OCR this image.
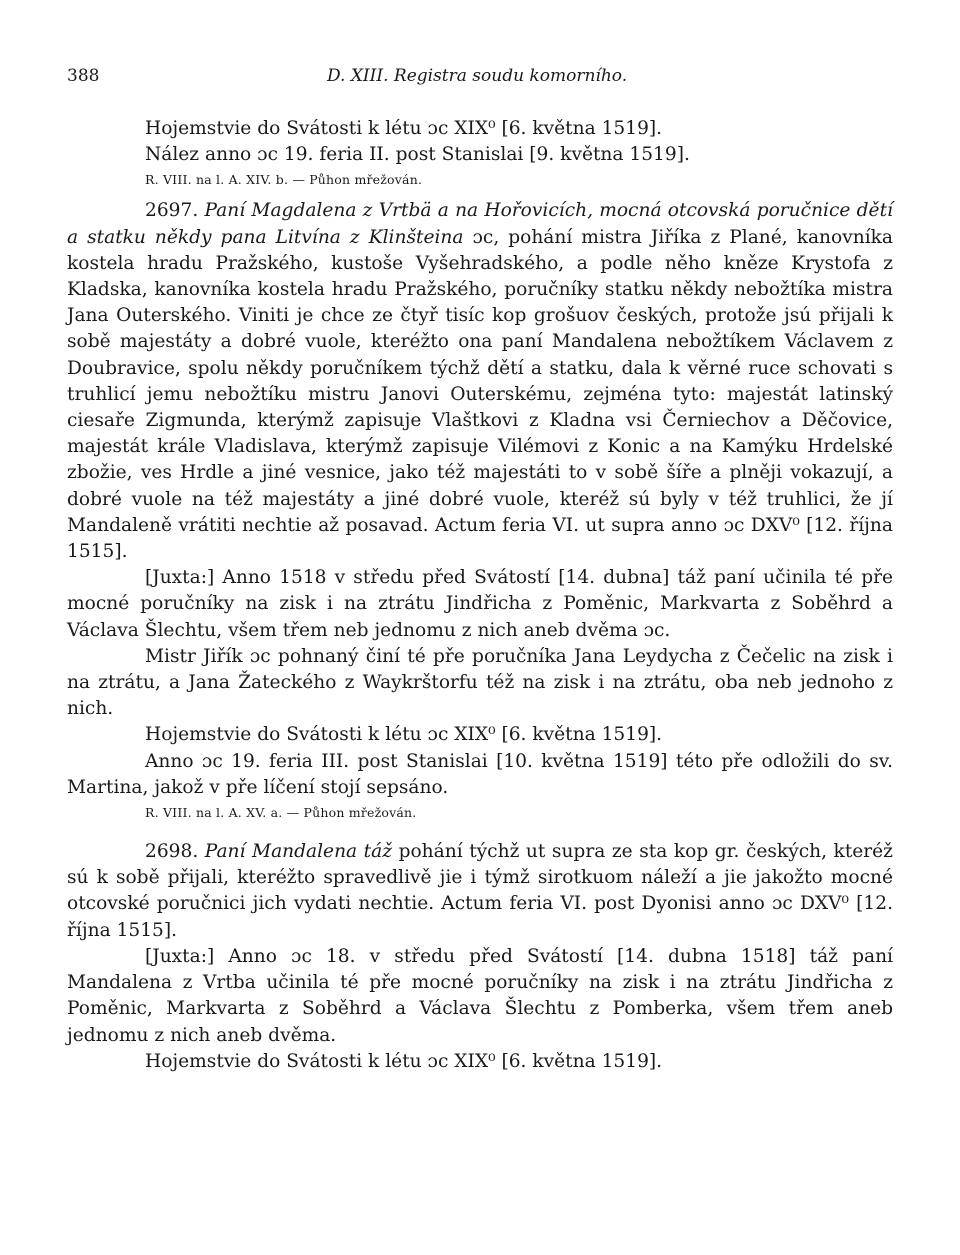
388	D. XIII. Registra soudu komorního.

Hojemstvie do Svátosti k létu ɔc XIX⁰ [6. května 1519].

Nález anno ɔc 19. feria II. post Stanislai [9. května 1519].

R. VIII. na l. A. XIV. b. — Půhon mřežován.

2697. Paní Magdalena z Vrtbä a na Hořovicích, mocná otcovská poručnice dětí a statku někdy pana Litvína z Klinšteina ɔc, pohání mistra Jiříka z Plané, kanovníka kostela hradu Pražského, kustoše Vyšehradského, a podle něho kněze Krystofa z Kladska, kanovníka kostela hradu Pražského, poručníky statku někdy nebožtíka mistra Jana Outerského. Viniti je chce ze čtyř tisíc kop grošuov českých, protože jsú přijali k sobě majestáty a dobré vuole, kteréžto ona paní Mandalena nebožtíkem Václavem z Doubravice, spolu někdy poručníkem týchž dětí a statku, dala k věrné ruce schovati s truhlicí jemu nebožtíku mistru Janovi Outerskému, zejména tyto: majestát latinský ciesaře Zigmunda, kterýmž zapisuje Vlaštkovi z Kladna vsi Černiechov a Děčovice, majestát krále Vladislava, kterýmž zapisuje Vilémovi z Konic a na Kamýku Hrdelské zbožie, ves Hrdle a jiné vesnice, jako též majestáti to v sobě šíře a plněji vokazují, a dobré vuole na též majestáty a jiné dobré vuole, kteréž sú byly v též truhlici, že jí Mandaleně vrátiti nechtie až posavad. Actum feria VI. ut supra anno ɔc DXV⁰ [12. října 1515].

[Juxta:] Anno 1518 v středu před Svátostí [14. dubna] táž paní učinila té pře mocné poručníky na zisk i na ztrátu Jindřicha z Poměnic, Markvarta z Soběhrd a Václava Šlechtu, všem třem neb jednomu z nich aneb dvěma ɔc.

Mistr Jiřík ɔc pohnaný činí té pře poručníka Jana Leydycha z Čečelic na zisk i na ztrátu, a Jana Žateckého z Waykrštorfu též na zisk i na ztrátu, oba neb jednoho z nich.

Hojemstvie do Svátosti k létu ɔc XIX⁰ [6. května 1519].

Anno ɔc 19. feria III. post Stanislai [10. května 1519] této pře odložili do sv. Martina, jakož v pře líčení stojí sepsáno.

R. VIII. na l. A. XV. a. — Půhon mřežován.

2698. Paní Mandalena táž pohání týchž ut supra ze sta kop gr. českých, kteréž sú k sobě přijali, kteréžto spravedlivě jie i týmž sirotkuom náleží a jie jakožto mocné otcovské poručnici jich vydati nechtie. Actum feria VI. post Dyonisi anno ɔc DXV⁰ [12. října 1515].

[Juxta:] Anno ɔc 18. v středu před Svátostí [14. dubna 1518] táž paní Mandalena z Vrtba učinila té pře mocné poručníky na zisk i na ztrátu Jindřicha z Poměnic, Markvarta z Soběhrd a Václava Šlechtu z Pomberka, všem třem aneb jednomu z nich aneb dvěma.

Hojemstvie do Svátosti k létu ɔc XIX⁰ [6. května 1519].
